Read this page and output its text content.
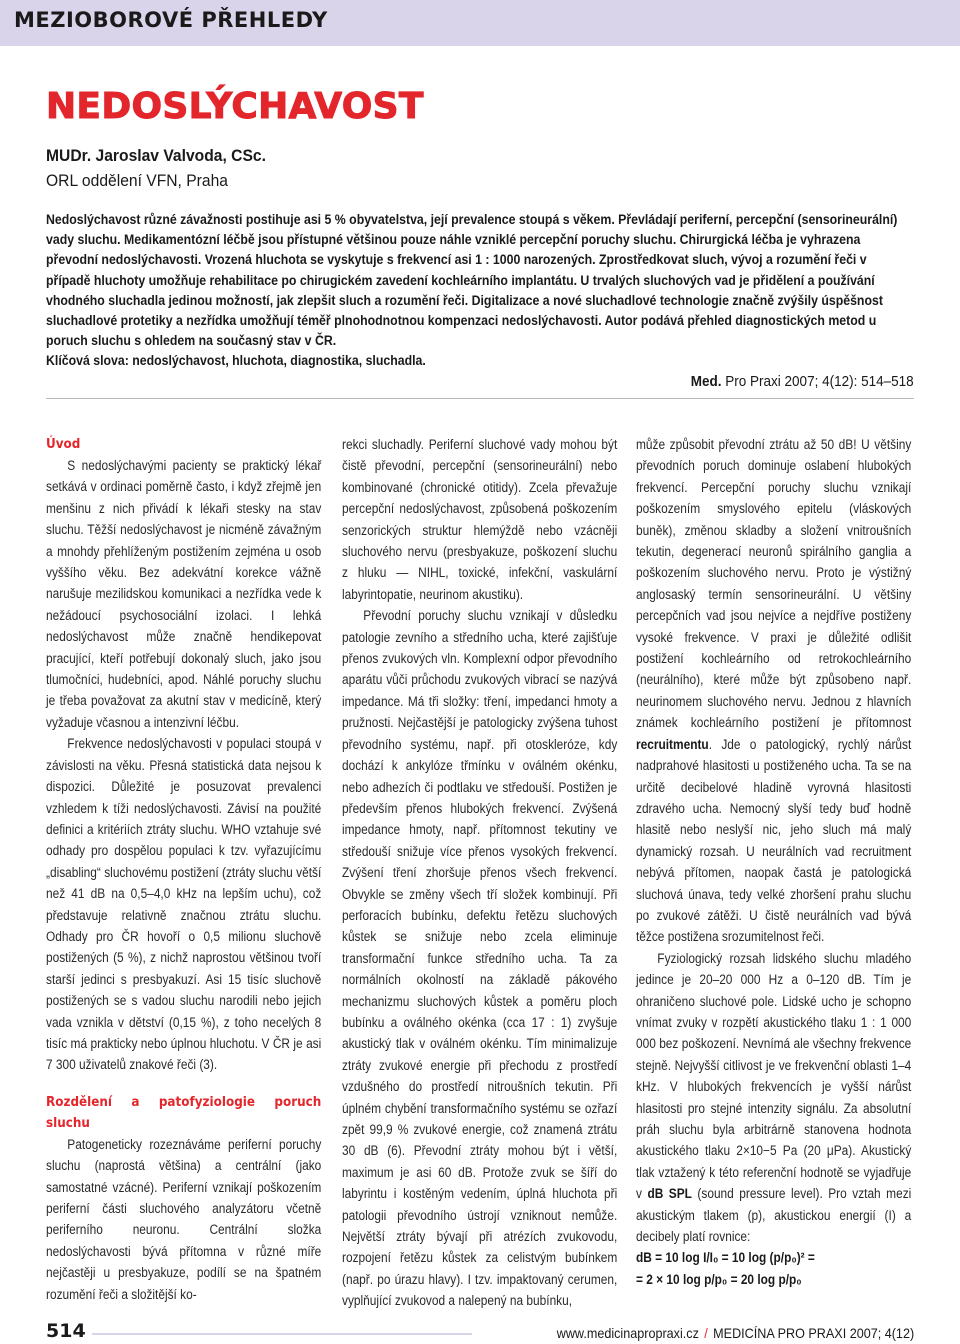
MEZIOBOROVÉ PŘEHLEDY
NEDOSLÝCHAVOST
MUDr. Jaroslav Valvoda, CSc.
ORL oddělení VFN, Praha

Nedoslýchavost různé závažnosti postihuje asi 5 % obyvatelstva, její prevalence stoupá s věkem. Převládají periferní, percepční (sensorineurální) vady sluchu. Medikamentózní léčbě jsou přístupné většinou pouze náhle vzniklé percepční poruchy sluchu. Chirurgická léčba je vyhrazena převodní nedoslýchavosti. Vrozená hluchota se vyskytuje s frekvencí asi 1 : 1000 narozených. Zprostředkovat sluch, vývoj a rozumění řeči v případě hluchoty umožňuje rehabilitace po chirugickém zavedení kochleárního implantátu. U trvalých sluchových vad je přidělení a používání vhodného sluchadla jedinou možností, jak zlepšit sluch a rozumění řeči. Digitalizace a nové sluchadlové technologie značně zvýšily úspěšnost sluchadlové protetiky a nezřídka umožňují téměř plnohodnotnou kompenzaci nedoslýchavosti. Autor podává přehled diagnostických metod u poruch sluchu s ohledem na současný stav v ČR.

Klíčová slova: nedoslýchavost, hluchota, diagnostika, sluchadla.

Med. Pro Praxi 2007; 4(12): 514–518
Úvod

S nedoslýchavými pacienty se praktický lékař setkává v ordinaci poměrně často, i když zřejmě jen menšinu z nich přivádí k lékaři stesky na stav sluchu. Těžší nedoslýchavost je nicméně závažným a mnohdy přehlíženým postižením zejména u osob vyššího věku. Bez adekvátní korekce vážně narušuje mezilidskou komunikaci a nezřídka vede k nežádoucí psychosociální izolaci. I lehká nedoslýchavost může značně hendikepovat pracující, kteří potřebují dokonalý sluch, jako jsou tlumočníci, hudebníci, apod. Náhlé poruchy sluchu je třeba považovat za akutní stav v medicíně, který vyžaduje včasnou a intenzivní léčbu.

Frekvence nedoslýchavosti v populaci stoupá v závislosti na věku. Přesná statistická data nejsou k dispozici. Důležité je posuzovat prevalenci vzhledem k tíži nedoslýchavosti. Závisí na použité definici a kritériích ztráty sluchu. WHO vztahuje své odhady pro dospělou populaci k tzv. vyřazujícímu „disabling“ sluchovému postižení (ztráty sluchu větší než 41 dB na 0,5–4,0 kHz na lepším uchu), což představuje relativně značnou ztrátu sluchu. Odhady pro ČR hovoří o 0,5 milionu sluchově postižených (5 %), z nichž naprostou většinou tvoří starší jedinci s presbyakuzí. Asi 15 tisíc sluchově postižených se s vadou sluchu narodili nebo jejich vada vznikla v dětství (0,15 %), z toho necelých 8 tisíc má prakticky nebo úplnou hluchotu. V ČR je asi 7 300 uživatelů znakové řeči (3).

Rozdělení a patofyziologie poruch sluchu

Patogeneticky rozeznáváme periferní poruchy sluchu (naprostá většina) a centrální (jako samostatné vzácné). Periferní vznikají poškozením periferní části sluchového analyzátoru včetně periferního neuronu. Centrální složka nedoslýchavosti bývá přítomna v různé míře nejčastěji u presbyakuze, podílí se na špatném rozumění řeči a složitější ko-

rekci sluchadly. Periferní sluchové vady mohou být čistě převodní, percepční (sensorineurální) nebo kombinované (chronické otitidy). Zcela převažuje percepční nedoslýchavost, způsobená poškozením senzorických struktur hlemýždě nebo vzácněji sluchového nervu (presbyakuze, poškození sluchu z hluku — NIHL, toxické, infekční, vaskulární labyrintopatie, neurinom akustiku).

Převodní poruchy sluchu vznikají v důsledku patologie zevního a středního ucha, které zajišťuje přenos zvukových vln. Komplexní odpor převodního aparátu vůči průchodu zvukových vibrací se nazývá impedance. Má tři složky: tření, impedanci hmoty a pružnosti. Nejčastější je patologicky zvýšena tuhost převodního systému, např. při otoskleróze, kdy dochází k ankylóze třmínku v oválném okénku, nebo adhezích či podtlaku ve středouší. Postižen je především přenos hlubokých frekvencí. Zvýšená impedance hmoty, např. přítomnost tekutiny ve středouší snižuje více přenos vysokých frekvencí. Zvýšení tření zhoršuje přenos všech frekvencí. Obvykle se změny všech tří složek kombinují. Při perforacích bubínku, defektu řetězu sluchových kůstek se snižuje nebo zcela eliminuje transformační funkce středního ucha. Ta za normálních okolností na základě pákového mechanizmu sluchových kůstek a poměru ploch bubínku a oválného okénka (cca 17 : 1) zvyšuje akustický tlak v oválném okénku. Tím minimalizuje ztráty zvukové energie při přechodu z prostředí vzdušného do prostředí nitroušních tekutin. Při úplném chybění transformačního systému se ozřazí zpět 99,9 % zvukové energie, což znamená ztrátu 30 dB (6). Převodní ztráty mohou být i větší, maximum je asi 60 dB. Protože zvuk se šíří do labyrintu i kostěným vedením, úplná hluchota při patologii převodního ústrojí vzniknout nemůže. Největší ztráty bývají při atrézích zvukovodu, rozpojení řetězu kůstek za celistvým bubínkem (např. po úrazu hlavy). I tzv. impaktovaný cerumen, vyplňující zvukovod a nalepený na bubínku,

může způsobit převodní ztrátu až 50 dB! U většiny převodních poruch dominuje oslabení hlubokých frekvencí. Percepční poruchy sluchu vznikají poškozením smyslového epitelu (vláskových buněk), změnou skladby a složení vnitroušních tekutin, degenerací neuronů spirálního ganglia a poškozením sluchového nervu. Proto je výstižný anglosaský termín sensorineurální. U většiny percepčních vad jsou nejvíce a nejdříve postiženy vysoké frekvence. V praxi je důležité odlišit postižení kochleárního od retrokochleárního (neurálního), které může být způsobeno např. neurinomem sluchového nervu. Jednou z hlavních známek kochleárního postižení je přítomnost recruitmentu. Jde o patologický, rychlý nárůst nadprahové hlasitosti u postiženého ucha. Ta se na určitě decibelové hladině vyrovná hlasitosti zdravého ucha. Nemocný slyší tedy buď hodně hlasitě nebo neslyší nic, jeho sluch má malý dynamický rozsah. U neurálních vad recruitment nebývá přítomen, naopak častá je patologická sluchová únava, tedy velké zhoršení prahu sluchu po zvukové zátěži. U čistě neurálních vad bývá těžce postižena srozumitelnost řeči.

Fyziologický rozsah lidského sluchu mladého jedince je 20–20 000 Hz a 0–120 dB. Tím je ohraničeno sluchové pole. Lidské ucho je schopno vnímat zvuky v rozpětí akustického tlaku 1 : 1 000 000 bez poškození. Nevnímá ale všechny frekvence stejně. Nejvyšší citlivost je ve frekvenční oblasti 1–4 kHz. V hlubokých frekvencích je vyšší nárůst hlasitosti pro stejné intenzity signálu. Za absolutní práh sluchu byla arbitrárně stanovena hodnota akustického tlaku 2×10−5 Pa (20 μPa). Akustický tlak vztažený k této referenční hodnotě se vyjadřuje v dB SPL (sound pressure level). Pro vztah mezi akustickým tlakem (p), akustickou energií (I) a decibely platí rovnice:

dB = 10 log I/I₀ = 10 log (p/p₀)² =
= 2 × 10 log p/p₀ = 20 log p/p₀

514	www.medicinapropraxi.cz / MEDICÍNA PRO PRAXI 2007; 4(12)
